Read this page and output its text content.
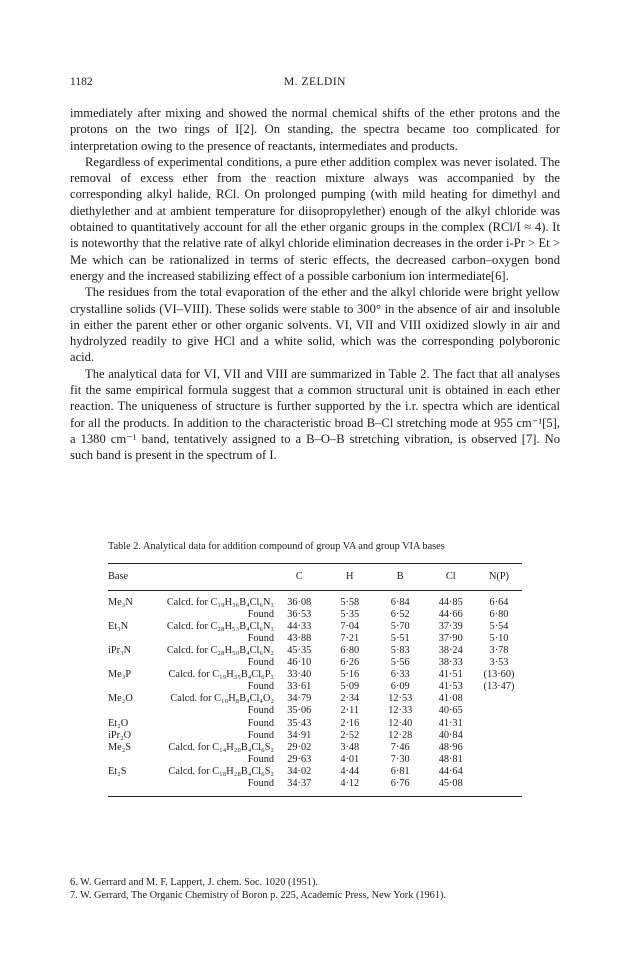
1182	M. ZELDIN

immediately after mixing and showed the normal chemical shifts of the ether protons and the protons on the two rings of I[2]. On standing, the spectra became too complicated for interpretation owing to the presence of reactants, intermediates and products.

Regardless of experimental conditions, a pure ether addition complex was never isolated. The removal of excess ether from the reaction mixture always was accompanied by the corresponding alkyl halide, RCl. On prolonged pumping (with mild heating for dimethyl and diethylether and at ambient temperature for diisopropylether) enough of the alkyl chloride was obtained to quantitatively account for all the ether organic groups in the complex (RCl/I ≈ 4). It is noteworthy that the relative rate of alkyl chloride elimination decreases in the order i-Pr > Et > Me which can be rationalized in terms of steric effects, the decreased carbon–oxygen bond energy and the increased stabilizing effect of a possible carbonium ion intermediate[6].

The residues from the total evaporation of the ether and the alkyl chloride were bright yellow crystalline solids (VI–VIII). These solids were stable to 300° in the absence of air and insoluble in either the parent ether or other organic solvents. VI, VII and VIII oxidized slowly in air and hydrolyzed readily to give HCl and a white solid, which was the corresponding polyboronic acid.

The analytical data for VI, VII and VIII are summarized in Table 2. The fact that all analyses fit the same empirical formula suggest that a common structural unit is obtained in each ether reaction. The uniqueness of structure is further supported by the i.r. spectra which are identical for all the products. In addition to the characteristic broad B–Cl stretching mode at 955 cm⁻¹[5], a 1380 cm⁻¹ band, tentatively assigned to a B–O–B stretching vibration, is observed [7]. No such band is present in the spectrum of I.

Table 2. Analytical data for addition compound of group VA and group VIA bases
Base		C	H	B	Cl	N(P)
Me₃N	Calcd. for C₁₉H₃₆B₄Cl₆N₃	36·08	5·58	6·84	44·85	6·64
	Found	36·53	5·35	6·52	44·66	6·80
Et₃N	Calcd. for C₂₈H₅₃B₄Cl₆N₃	44·33	7·04	5·70	37·39	5·54
	Found	43·88	7·21	5·51	37·90	5·10
iPr₃N	Calcd. for C₂₈H₅₀B₄Cl₆N₂	45·35	6·80	5·83	38·24	3·78
	Found	46·10	6·26	5·56	38·33	3·53
Me₃P	Calcd. for C₁₉H₃₅B₄Cl₆P₃	33·40	5·16	6·33	41·51	(13·60)
	Found	33·61	5·09	6·09	41·53	(13·47)
Me₂O	Calcd. for C₁₀H₈B₄Cl₄O₂	34·79	2·34	12·53	41·08	
	Found	35·06	2·11	12·33	40·65	
Et₂O	Found	35·43	2·16	12·40	41·31	
iPr₂O	Found	34·91	2·52	12·28	40·84	
Me₂S	Calcd. for C₁₄H₂₀B₄Cl₆S₂	29·02	3·48	7·46	48·96	
	Found	29·63	4·01	7·30	48·81	
Et₂S	Calcd. for C₁₈H₂₈B₄Cl₆S₂	34·02	4·44	6·81	44·64	
	Found	34·37	4·12	6·76	45·08	
6. W. Gerrard and M. F. Lappert, J. chem. Soc. 1020 (1951).
7. W. Gerrard, The Organic Chemistry of Boron p. 225, Academic Press, New York (1961).
